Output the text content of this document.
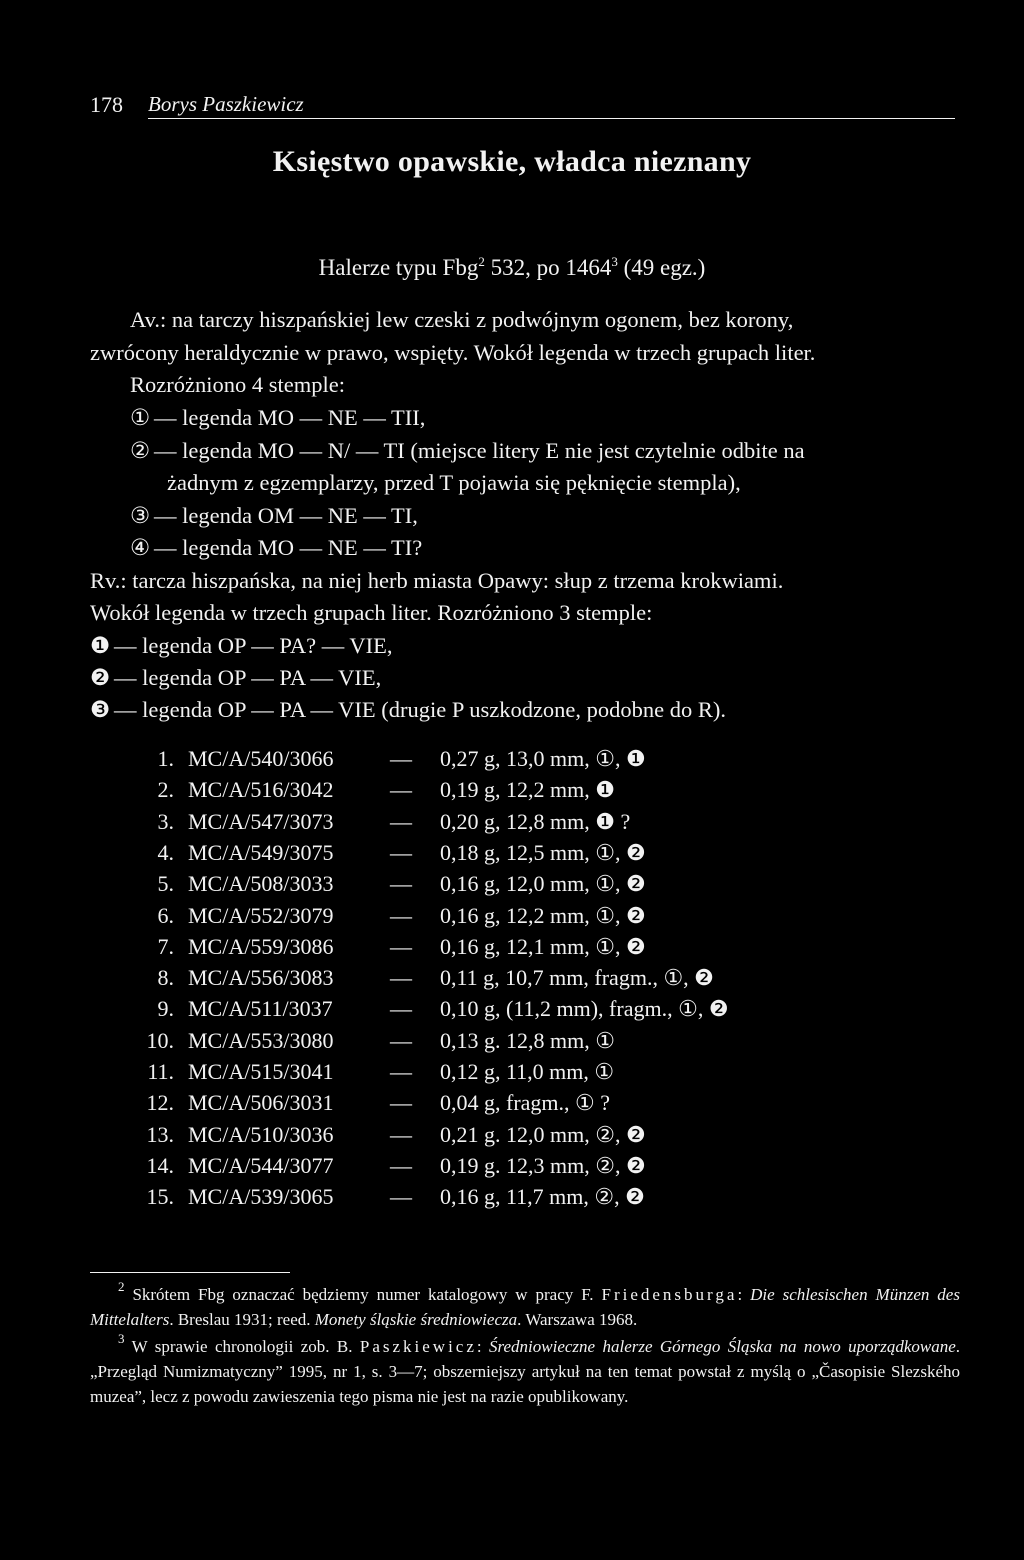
178 Borys Paszkiewicz
Księstwo opawskie, władca nieznany
Halerze typu Fbg$^2$ 532, po 1464$^3$ (49 egz.)
Av.: na tarczy hiszpańskiej lew czeski z podwójnym ogonem, bez korony,
zwrócony heraldycznie w prawo, wspięty. Wokół legenda w trzech grupach liter.
Rozróżniono 4 stemple:
① — legenda MO — NE — TII,
② — legenda MO — N/ — TI (miejsce litery E nie jest czytelnie odbite na
żadnym z egzemplarzy, przed T pojawia się pęknięcie stempla),
③ — legenda OM — NE — TI,
④ — legenda MO — NE — TI?
Rv.: tarcza hiszpańska, na niej herb miasta Opawy: słup z trzema krokwiami.
Wokół legenda w trzech grupach liter. Rozróżniono 3 stemple:
❶ — legenda OP — PA? — VIE,
❷ — legenda OP — PA — VIE,
❸ — legenda OP — PA — VIE (drugie P uszkodzone, podobne do R).
1. MC/A/540/3066	— 0,27 g, 13,0 mm, ①, ❶
2. MC/A/516/3042	— 0,19 g, 12,2 mm, ❶
3. MC/A/547/3073	— 0,20 g, 12,8 mm, ❶ ?
4. MC/A/549/3075	— 0,18 g, 12,5 mm, ①, ❷
5. MC/A/508/3033	— 0,16 g, 12,0 mm, ①, ❷
6. MC/A/552/3079	— 0,16 g, 12,2 mm, ①, ❷
7. MC/A/559/3086	— 0,16 g, 12,1 mm, ①, ❷
8. MC/A/556/3083	— 0,11 g, 10,7 mm, fragm., ①, ❷
9. MC/A/511/3037	— 0,10 g, (11,2 mm), fragm., ①, ❷
10. MC/A/553/3080	— 0,13 g. 12,8 mm, ①
11. MC/A/515/3041	— 0,12 g, 11,0 mm, ①
12. MC/A/506/3031	— 0,04 g, fragm., ① ?
13. MC/A/510/3036	— 0,21 g. 12,0 mm, ②, ❷
14. MC/A/544/3077	— 0,19 g. 12,3 mm, ②, ❷
15. MC/A/539/3065	— 0,16 g, 11,7 mm, ②, ❷

$^2$ Skrótem Fbg oznaczać będziemy numer katalogowy w pracy F. Friedensburga: Die schlesischen Münzen des Mittelalters. Breslau 1931; reed. Monety śląskie średniowiecza. Warszawa 1968.

$^3$ W sprawie chronologii zob. B. Paszkiewicz: Średniowieczne halerze Górnego Śląska na nowo uporządkowane. „Przegląd Numizmatyczny” 1995, nr 1, s. 3—7; obszerniejszy artykuł na ten temat powstał z myślą o „Časopisie Slezského muzea”, lecz z powodu zawieszenia tego pisma nie jest na razie opublikowany.
